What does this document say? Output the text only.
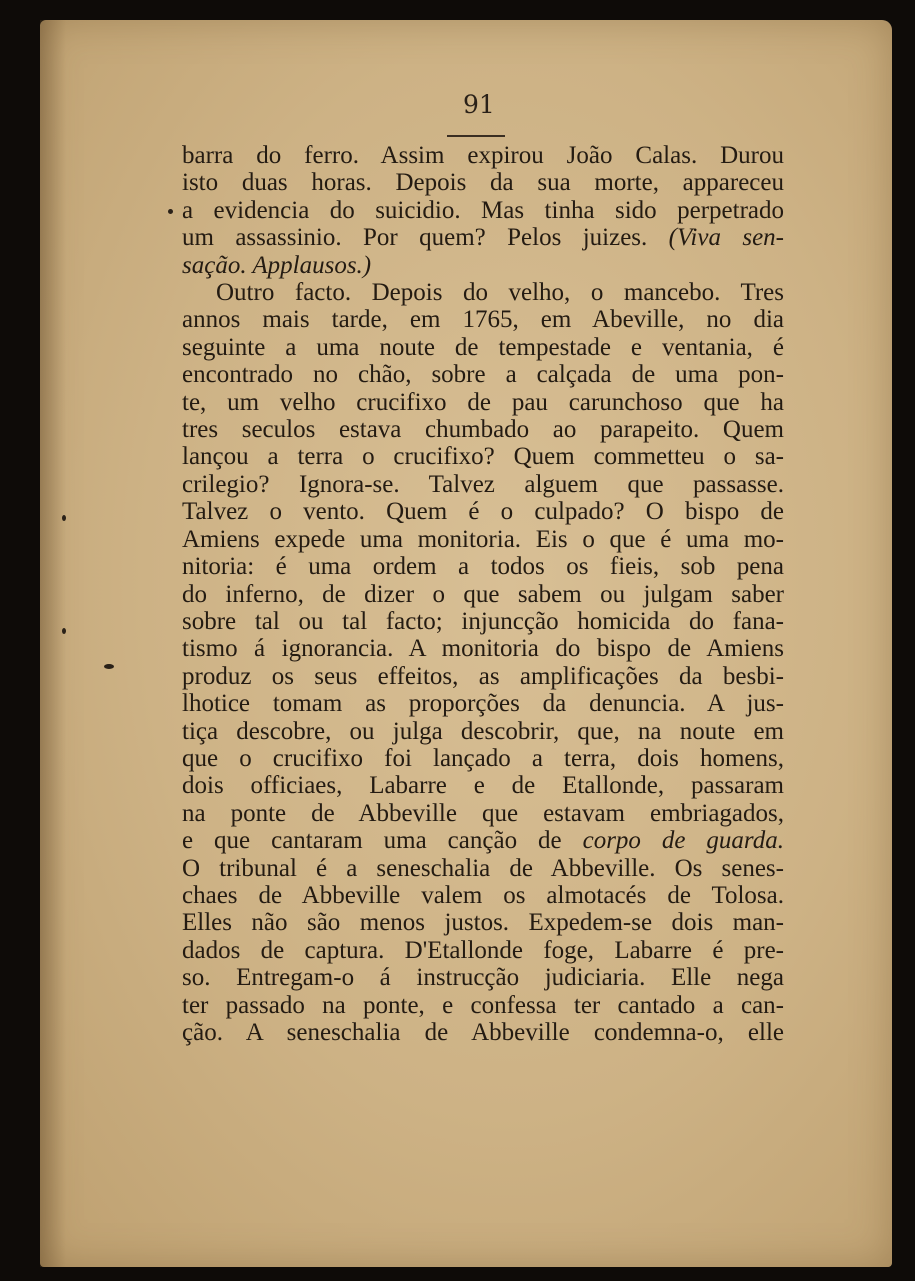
91
barra do ferro. Assim expirou João Calas. Durou
isto duas horas. Depois da sua morte, appareceu
a evidencia do suicidio. Mas tinha sido perpetrado
um assassinio. Por quem? Pelos juizes. (Viva sen-
sação. Applausos.)
Outro facto. Depois do velho, o mancebo. Tres
annos mais tarde, em 1765, em Abeville, no dia
seguinte a uma noute de tempestade e ventania, é
encontrado no chão, sobre a calçada de uma pon-
te, um velho crucifixo de pau carunchoso que ha
tres seculos estava chumbado ao parapeito. Quem
lançou a terra o crucifixo? Quem commetteu o sa-
crilegio? Ignora-se. Talvez alguem que passasse.
Talvez o vento. Quem é o culpado? O bispo de
Amiens expede uma monitoria. Eis o que é uma mo-
nitoria: é uma ordem a todos os fieis, sob pena
do inferno, de dizer o que sabem ou julgam saber
sobre tal ou tal facto; injuncção homicida do fana-
tismo á ignorancia. A monitoria do bispo de Amiens
produz os seus effeitos, as amplificações da besbi-
lhotice tomam as proporções da denuncia. A jus-
tiça descobre, ou julga descobrir, que, na noute em
que o crucifixo foi lançado a terra, dois homens,
dois officiaes, Labarre e de Etallonde, passaram
na ponte de Abbeville que estavam embriagados,
e que cantaram uma canção de corpo de guarda.
O tribunal é a seneschalia de Abbeville. Os senes-
chaes de Abbeville valem os almotacés de Tolosa.
Elles não são menos justos. Expedem-se dois man-
dados de captura. D'Etallonde foge, Labarre é pre-
so. Entregam-o á instrucção judiciaria. Elle nega
ter passado na ponte, e confessa ter cantado a can-
ção. A seneschalia de Abbeville condemna-o, elle
